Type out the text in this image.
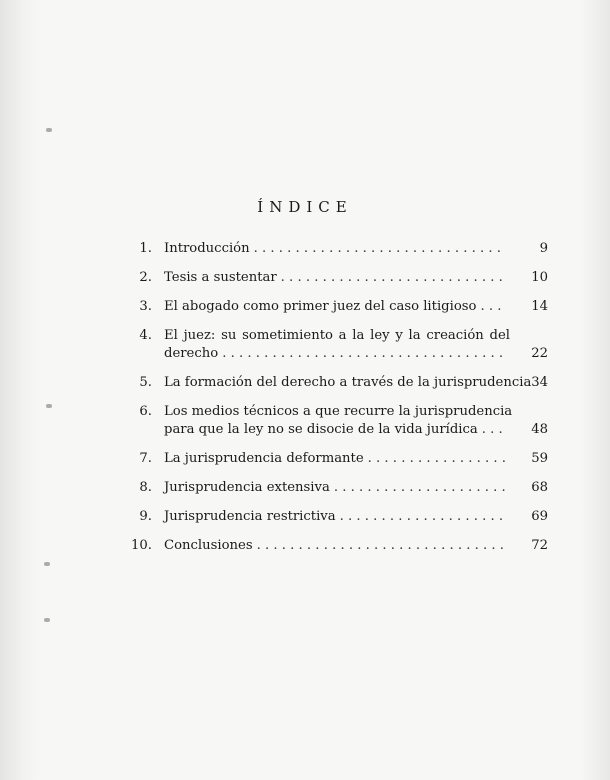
ÍNDICE
1. Introducción . . .	9
2. Tesis a sustentar . . .	10
3. El abogado como primer juez del caso litigioso . . .	14
4. El juez: su sometimiento a la ley y la creación del
derecho . . .	22
5. La formación del derecho a través de la jurisprudencia 34
6. Los medios técnicos a que recurre la jurisprudencia
para que la ley no se disocie de la vida jurídica . . .	48
7. La jurisprudencia deformante . . .	59
8. Jurisprudencia extensiva . . .	68
9. Jurisprudencia restrictiva . . .	69
10. Conclusiones . . .	72
